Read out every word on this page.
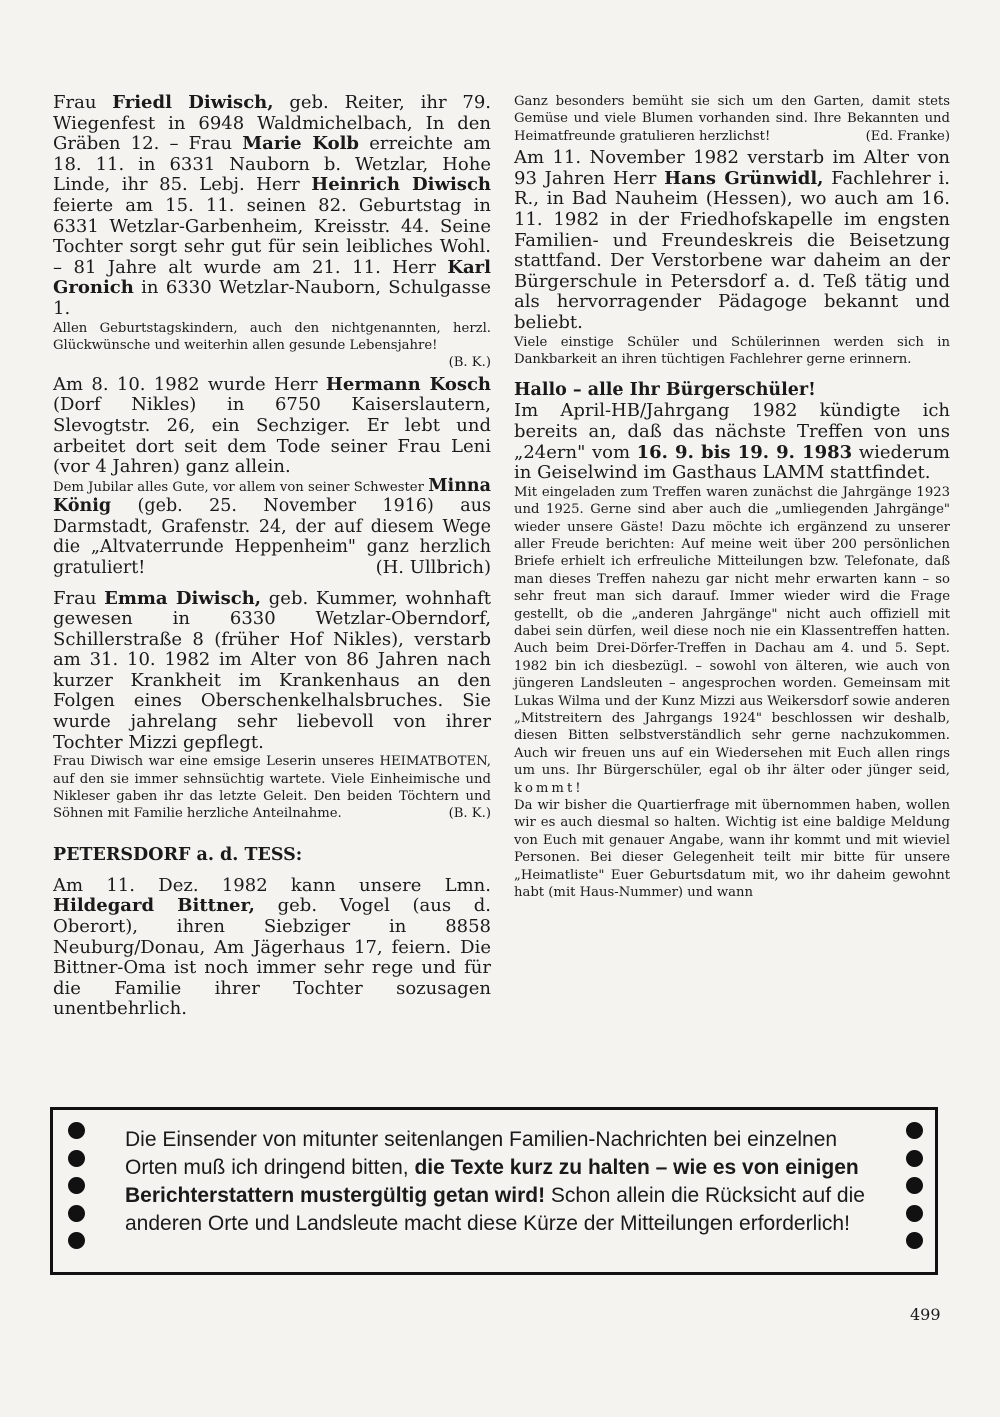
Frau Friedl Diwisch, geb. Reiter, ihr 79. Wiegenfest in 6948 Waldmichelbach, In den Gräben 12. – Frau Marie Kolb erreichte am 18. 11. in 6331 Nauborn b. Wetzlar, Hohe Linde, ihr 85. Lebj. Herr Heinrich Diwisch feierte am 15. 11. seinen 82. Geburtstag in 6331 Wetzlar-Garbenheim, Kreisstr. 44. Seine Tochter sorgt sehr gut für sein leibliches Wohl. – 81 Jahre alt wurde am 21. 11. Herr Karl Gronich in 6330 Wetzlar-Nauborn, Schulgasse 1.

Allen Geburtstagskindern, auch den nichtgenannten, herzl. Glückwünsche und weiterhin allen gesunde Lebensjahre!

(B. K.)

Am 8. 10. 1982 wurde Herr Hermann Kosch (Dorf Nikles) in 6750 Kaiserslautern, Slevogtstr. 26, ein Sechziger. Er lebt und arbeitet dort seit dem Tode seiner Frau Leni (vor 4 Jahren) ganz allein.

Dem Jubilar alles Gute, vor allem von seiner Schwester Minna König (geb. 25. November 1916) aus Darmstadt, Grafenstr. 24, der auf diesem Wege die „Altvaterrunde Heppenheim" ganz herzlich gratuliert!	(H. Ullbrich)

Frau Emma Diwisch, geb. Kummer, wohnhaft gewesen in 6330 Wetzlar-Oberndorf, Schillerstraße 8 (früher Hof Nikles), verstarb am 31. 10. 1982 im Alter von 86 Jahren nach kurzer Krankheit im Krankenhaus an den Folgen eines Oberschenkelhalsbruches. Sie wurde jahrelang sehr liebevoll von ihrer Tochter Mizzi gepflegt.

Frau Diwisch war eine emsige Leserin unseres HEIMATBOTEN, auf den sie immer sehnsüchtig wartete. Viele Einheimische und Nikleser gaben ihr das letzte Geleit. Den beiden Töchtern und Söhnen mit Familie herzliche Anteilnahme.	(B. K.)

PETERSDORF a. d. TESS:

Am 11. Dez. 1982 kann unsere Lmn. Hildegard Bittner, geb. Vogel (aus d. Oberort), ihren Siebziger in 8858 Neuburg/Donau, Am Jägerhaus 17, feiern. Die Bittner-Oma ist noch immer sehr rege und für die Familie ihrer Tochter sozusagen unentbehrlich.

Ganz besonders bemüht sie sich um den Garten, damit stets Gemüse und viele Blumen vorhanden sind. Ihre Bekannten und Heimatfreunde gratulieren herzlichst!	(Ed. Franke)

Am 11. November 1982 verstarb im Alter von 93 Jahren Herr Hans Grünwidl, Fachlehrer i. R., in Bad Nauheim (Hessen), wo auch am 16. 11. 1982 in der Friedhofskapelle im engsten Familien- und Freundeskreis die Beisetzung stattfand. Der Verstorbene war daheim an der Bürgerschule in Petersdorf a. d. Teß tätig und als hervorragender Pädagoge bekannt und beliebt.

Viele einstige Schüler und Schülerinnen werden sich in Dankbarkeit an ihren tüchtigen Fachlehrer gerne erinnern.

Hallo – alle Ihr Bürgerschüler!

Im April-HB/Jahrgang 1982 kündigte ich bereits an, daß das nächste Treffen von uns „24ern" vom 16. 9. bis 19. 9. 1983 wiederum in Geiselwind im Gasthaus LAMM stattfindet.

Mit eingeladen zum Treffen waren zunächst die Jahrgänge 1923 und 1925. Gerne sind aber auch die „umliegenden Jahrgänge" wieder unsere Gäste! Dazu möchte ich ergänzend zu unserer aller Freude berichten: Auf meine weit über 200 persönlichen Briefe erhielt ich erfreuliche Mitteilungen bzw. Telefonate, daß man dieses Treffen nahezu gar nicht mehr erwarten kann – so sehr freut man sich darauf. Immer wieder wird die Frage gestellt, ob die „anderen Jahrgänge" nicht auch offiziell mit dabei sein dürfen, weil diese noch nie ein Klassentreffen hatten. Auch beim Drei-Dörfer-Treffen in Dachau am 4. und 5. Sept. 1982 bin ich diesbezügl. – sowohl von älteren, wie auch von jüngeren Landsleuten – angesprochen worden. Gemeinsam mit Lukas Wilma und der Kunz Mizzi aus Weikersdorf sowie anderen „Mitstreitern des Jahrgangs 1924" beschlossen wir deshalb, diesen Bitten selbstverständlich sehr gerne nachzukommen. Auch wir freuen uns auf ein Wiedersehen mit Euch allen rings um uns. Ihr Bürgerschüler, egal ob ihr älter oder jünger seid, kommt!

Da wir bisher die Quartierfrage mit übernommen haben, wollen wir es auch diesmal so halten. Wichtig ist eine baldige Meldung von Euch mit genauer Angabe, wann ihr kommt und mit wieviel Personen. Bei dieser Gelegenheit teilt mir bitte für unsere „Heimatliste" Euer Geburtsdatum mit, wo ihr daheim gewohnt habt (mit Haus-Nummer) und wann

Die Einsender von mitunter seitenlangen Familien-Nachrichten bei einzelnen Orten muß ich dringend bitten, die Texte kurz zu halten – wie es von einigen Berichterstattern mustergültig getan wird! Schon allein die Rücksicht auf die anderen Orte und Landsleute macht diese Kürze der Mitteilungen erforderlich!
499
